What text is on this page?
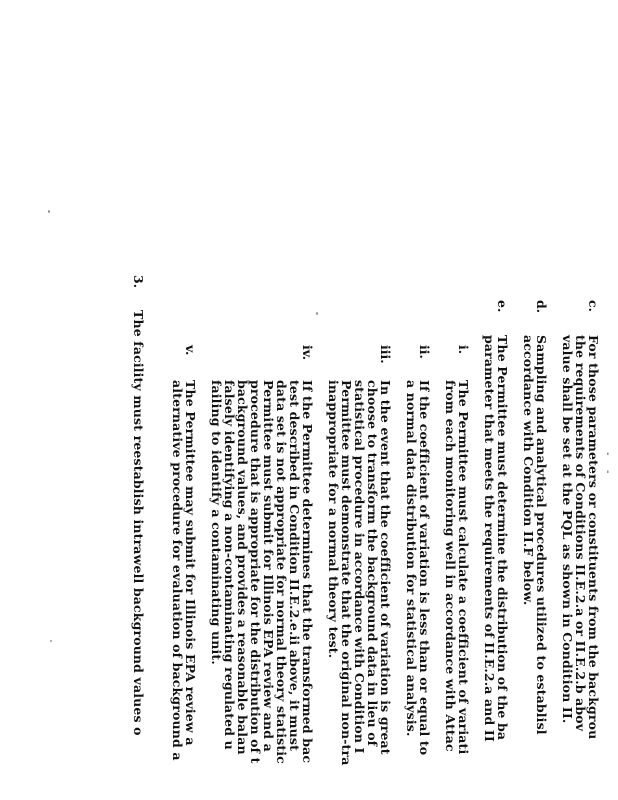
-
-
c.
For those parameters or constituents from the backgrou
the requirements of Conditions II.E.2.a or II.E.2.b abov
value shall be set at the PQL as shown in Condition II.
d.
Sampling and analytical procedures utilized to establisl
accordance with Condition II.F below.
e.
The Permittee must determine the distribution of the ba
parameter that meets the requirements of II.E.2.a and II
i.
The Permittee must calculate a coefficient of variati
from each monitoring well in accordance with Attac
ii.
If the coefficient of variation is less than or equal to
a normal data distribution for statistical analysis.
iii.
In the event that the coefficient of variation is great
choose to transform the background data in lieu of
statistical procedure in accordance with Condition I
Permittee must demonstrate that the original non-tra
inappropriate for a normal theory test.
iv.
If the Permittee determines that the transformed bac
test described in Condition II.E.2.e.ii above, it must
data set is not appropriate for normal theory statistic
Permittee must submit for Illinois EPA review and a
procedure that is appropriate for the distribution of t
background values, and provides a reasonable balan
falsely identifying a non-contaminating regulated u
failing to identify a contaminating unit.
v.
The Permittee may submit for Illinois EPA review a
alternative procedure for evaluation of background a
3.
The facility must reestablish intrawell background values o
